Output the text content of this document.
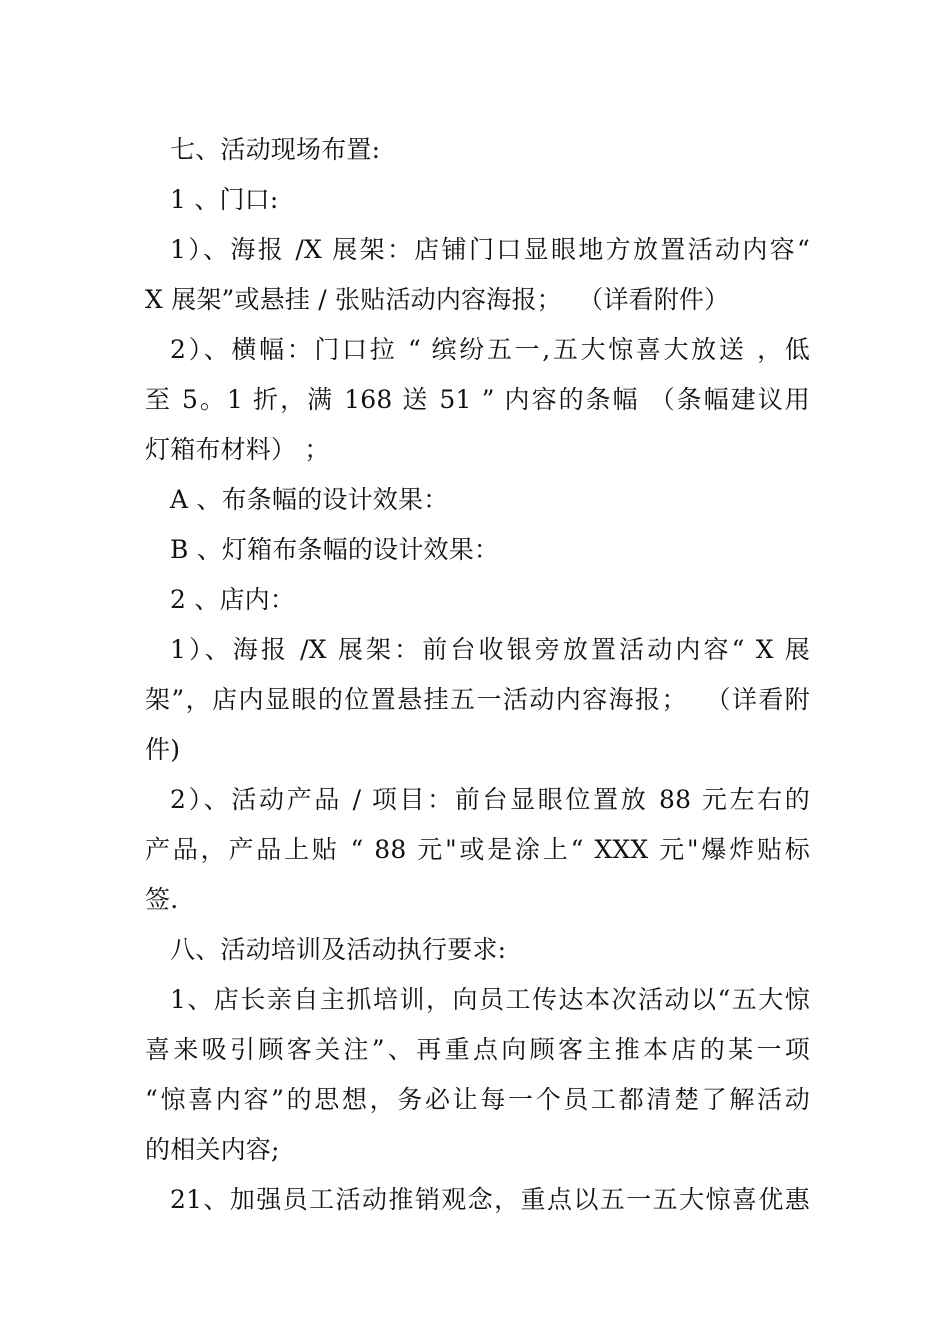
七、活动现场布置:
1 、门口:
1）、海报 /X 展架：店铺门口显眼地方放置活动内容“
X 展架”或悬挂 / 张贴活动内容海报；  （详看附件）
2）、横幅：门口拉 “ 缤纷五一,五大惊喜大放送 ，低
至 5。1 折，满 168 送 51 ” 内容的条幅 （条幅建议用
灯箱布材料） ；
A 、布条幅的设计效果：
B 、灯箱布条幅的设计效果：
2 、店内：
1）、海报 /X 展架：前台收银旁放置活动内容“ X 展
架”，店内显眼的位置悬挂五一活动内容海报；  （详看附
件)
2）、活动产品 / 项目：前台显眼位置放 88 元左右的
产品，产品上贴 “ 88 元"或是涂上“ XXX 元"爆炸贴标
签.
八、活动培训及活动执行要求:
1、店长亲自主抓培训，向员工传达本次活动以“五大惊
喜来吸引顾客关注”、再重点向顾客主推本店的某一项
“惊喜内容”的思想，务必让每一个员工都清楚了解活动
的相关内容;
21、加强员工活动推销观念，重点以五一五大惊喜优惠
